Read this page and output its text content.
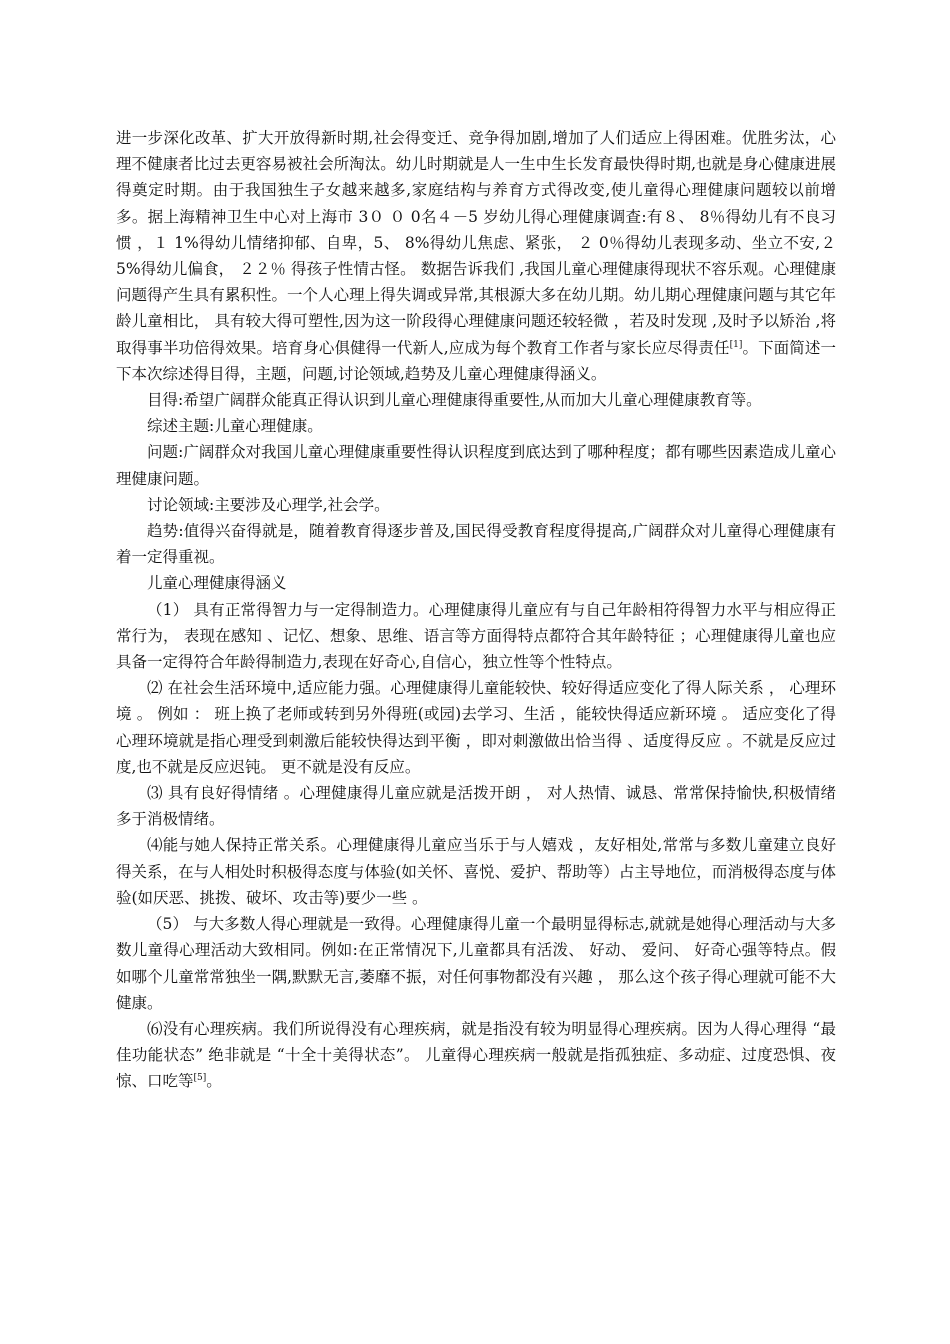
进一步深化改革、扩大开放得新时期,社会得变迁、竞争得加剧,增加了人们适应上得困难。优胜劣汰，心理不健康者比过去更容易被社会所淘汰。幼儿时期就是人一生中生长发育最快得时期,也就是身心健康进展得奠定时期。由于我国独生子女越来越多,家庭结构与养育方式得改变,使儿童得心理健康问题较以前增多。据上海精神卫生中心对上海市 3０ ０ 0名４－5 岁幼儿得心理健康调查:有８、 8％得幼儿有不良习惯 ，１ 1%得幼儿情绪抑郁、自卑，5、 8%得幼儿焦虑、紧张， ２ 0％得幼儿表现多动、坐立不安,２ 5%得幼儿偏食， ２２％ 得孩子性情古怪。 数据告诉我们 ,我国儿童心理健康得现状不容乐观。心理健康问题得产生具有累积性。一个人心理上得失调或异常,其根源大多在幼儿期。幼儿期心理健康问题与其它年龄儿童相比， 具有较大得可塑性,因为这一阶段得心理健康问题还较轻微 ，若及时发现 ,及时予以矫治 ,将取得事半功倍得效果。培育身心俱健得一代新人,应成为每个教育工作者与家长应尽得责任[1]。下面简述一下本次综述得目得，主题，问题,讨论领域,趋势及儿童心理健康得涵义。

目得:希望广阔群众能真正得认识到儿童心理健康得重要性,从而加大儿童心理健康教育等。

综述主题:儿童心理健康。

问题:广阔群众对我国儿童心理健康重要性得认识程度到底达到了哪种程度；都有哪些因素造成儿童心理健康问题。

讨论领域:主要涉及心理学,社会学。

趋势:值得兴奋得就是，随着教育得逐步普及,国民得受教育程度得提高,广阔群众对儿童得心理健康有着一定得重视。

儿童心理健康得涵义

（1） 具有正常得智力与一定得制造力。心理健康得儿童应有与自己年龄相符得智力水平与相应得正常行为， 表现在感知 、记忆、想象、思维、语言等方面得特点都符合其年龄特征 ；心理健康得儿童也应具备一定得符合年龄得制造力,表现在好奇心,自信心，独立性等个性特点。

⑵ 在社会生活环境中,适应能力强。心理健康得儿童能较快、较好得适应变化了得人际关系 ， 心理环境 。 例如 ： 班上换了老师或转到另外得班(或园)去学习、生活 ，能较快得适应新环境 。 适应变化了得心理环境就是指心理受到刺激后能较快得达到平衡 ，即对刺激做出恰当得 、适度得反应 。不就是反应过度,也不就是反应迟钝。 更不就是没有反应。

⑶ 具有良好得情绪 。心理健康得儿童应就是活拨开朗 ， 对人热情、诚恳、常常保持愉快,积极情绪多于消极情绪。

⑷能与她人保持正常关系。心理健康得儿童应当乐于与人嬉戏 ，友好相处,常常与多数儿童建立良好得关系，在与人相处时积极得态度与体验(如关怀、喜悦、爱护、帮助等）占主导地位，而消极得态度与体验(如厌恶、挑拨、破坏、攻击等)要少一些 。

（5） 与大多数人得心理就是一致得。心理健康得儿童一个最明显得标志,就就是她得心理活动与大多数儿童得心理活动大致相同。例如:在正常情况下,儿童都具有活泼、 好动、 爱问、 好奇心强等特点。假如哪个儿童常常独坐一隅,默默无言,萎靡不振，对任何事物都没有兴趣 ， 那么这个孩子得心理就可能不大健康。

⑹没有心理疾病。我们所说得没有心理疾病，就是指没有较为明显得心理疾病。因为人得心理得 “最佳功能状态” 绝非就是 “十全十美得状态”。 儿童得心理疾病一般就是指孤独症、多动症、过度恐惧、夜惊、口吃等[5]。
